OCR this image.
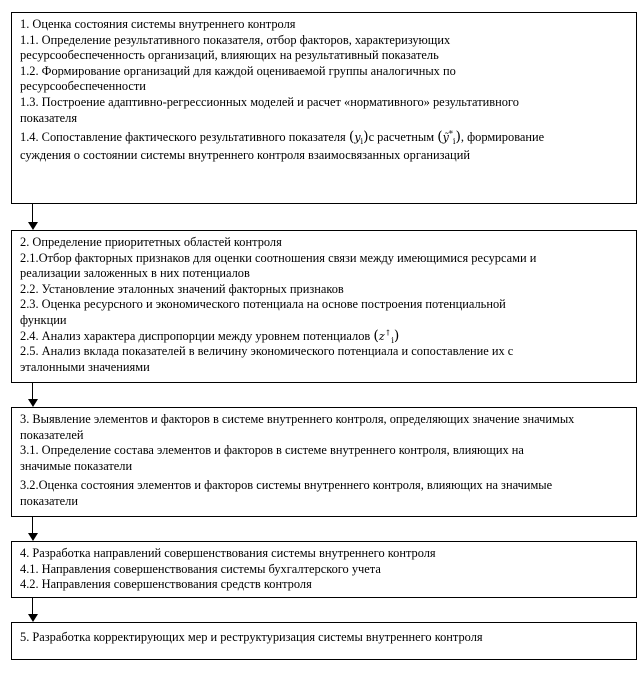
1. Оценка состояния системы внутреннего контроля
1.1. Определение результативного показателя, отбор факторов, характеризующих
ресурсообеспеченность организаций, влияющих на результативный показатель
1.2. Формирование организаций для каждой оцениваемой группы аналогичных по
ресурсообеспеченности
1.3. Построение адаптивно-регрессионных моделей и расчет «нормативного» результативного
показателя
1.4. Сопоставление фактического результативного показателя $(y_i)с$ расчетным (ỹ*$_i$), формирование
суждения о состоянии системы внутреннего контроля взаимосвязанных организаций
2. Определение приоритетных областей контроля
2.1.Отбор факторных признаков для оценки соотношения связи между имеющимися ресурсами и
реализации заложенных в них потенциалов
2.2. Установление эталонных значений факторных признаков
2.3. Оценка ресурсного и экономического потенциала на основе построения потенциальной
функции
2.4. Анализ характера диспропорции между уровнем потенциалов $(z^↑_i)$
2.5. Анализ вклада показателей в величину экономического потенциала и сопоставление их с
эталонными значениями
3. Выявление элементов и факторов в системе внутреннего контроля, определяющих значение значимых
показателей
3.1. Определение состава элементов и факторов в системе внутреннего контроля, влияющих на
значимые показатели
3.2.Оценка состояния элементов и факторов системы внутреннего контроля, влияющих на значимые
показатели
4. Разработка направлений совершенствования системы внутреннего контроля
4.1. Направления совершенствования системы бухгалтерского учета
4.2. Направления совершенствования средств контроля
5. Разработка корректирующих мер и реструктуризация системы внутреннего контроля
